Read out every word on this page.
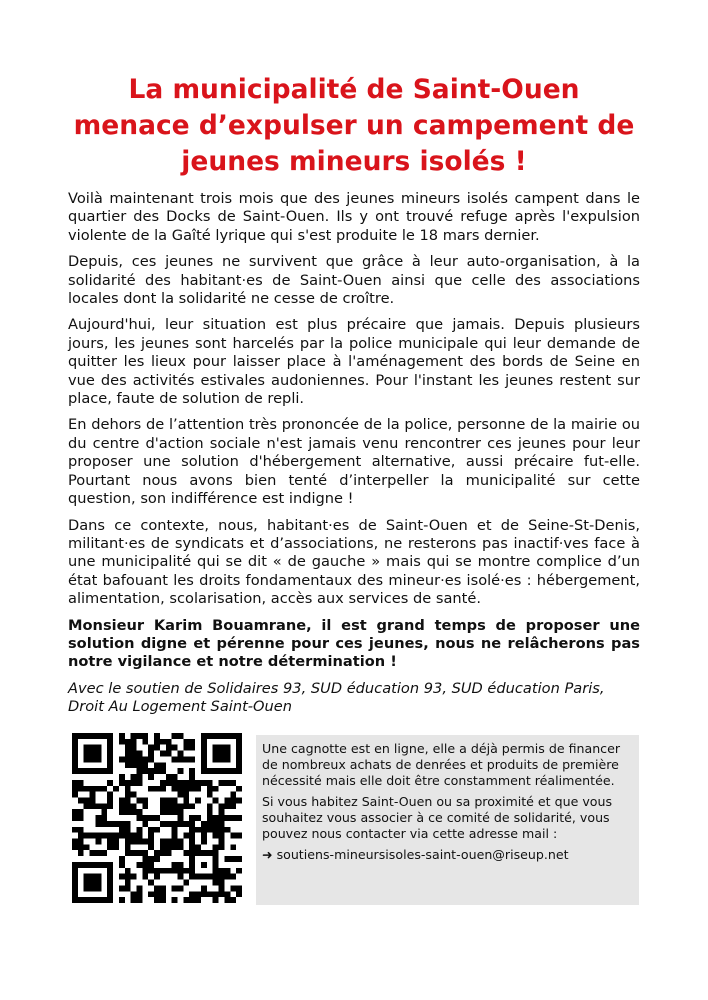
La municipalité de Saint-Ouen
menace d’expulser un campement de
jeunes mineurs isolés !

Voilà maintenant trois mois que des jeunes mineurs isolés campent dans le quartier des Docks de Saint-Ouen. Ils y ont trouvé refuge après l'expulsion violente de la Gaîté lyrique qui s'est produite le 18 mars dernier.

Depuis, ces jeunes ne survivent que grâce à leur auto-organisation, à la solidarité des habitant·es de Saint-Ouen ainsi que celle des associations locales dont la solidarité ne cesse de croître.

Aujourd'hui, leur situation est plus précaire que jamais. Depuis plusieurs jours, les jeunes sont harcelés par la police municipale qui leur demande de quitter les lieux pour laisser place à l'aménagement des bords de Seine en vue des activités estivales audoniennes. Pour l'instant les jeunes restent sur place, faute de solution de repli.

En dehors de l’attention très prononcée de la police, personne de la mairie ou du centre d'action sociale n'est jamais venu rencontrer ces jeunes pour leur proposer une solution d'hébergement alternative, aussi précaire fut-elle. Pourtant nous avons bien tenté d’interpeller la municipalité sur cette question, son indifférence est indigne !

Dans ce contexte, nous, habitant·es de Saint-Ouen et de Seine-St-Denis, militant·es de syndicats et d’associations, ne resterons pas inactif·ves face à une municipalité qui se dit « de gauche » mais qui se montre complice d’un état bafouant les droits fondamentaux des mineur·es isolé·es : hébergement, alimentation, scolarisation, accès aux services de santé.

Monsieur Karim Bouamrane, il est grand temps de proposer une solution digne et pérenne pour ces jeunes, nous ne relâcherons pas notre vigilance et notre détermination !

Avec le soutien de Solidaires 93, SUD éducation 93, SUD éducation Paris, Droit Au Logement Saint-Ouen

Une cagnotte est en ligne, elle a déjà permis de financer de nombreux achats de denrées et produits de première nécessité mais elle doit être constamment réalimentée.

Si vous habitez Saint-Ouen ou sa proximité et que vous souhaitez vous associer à ce comité de solidarité, vous pouvez nous contacter via cette adresse mail :

➜ soutiens-mineursisoles-saint-ouen@riseup.net
